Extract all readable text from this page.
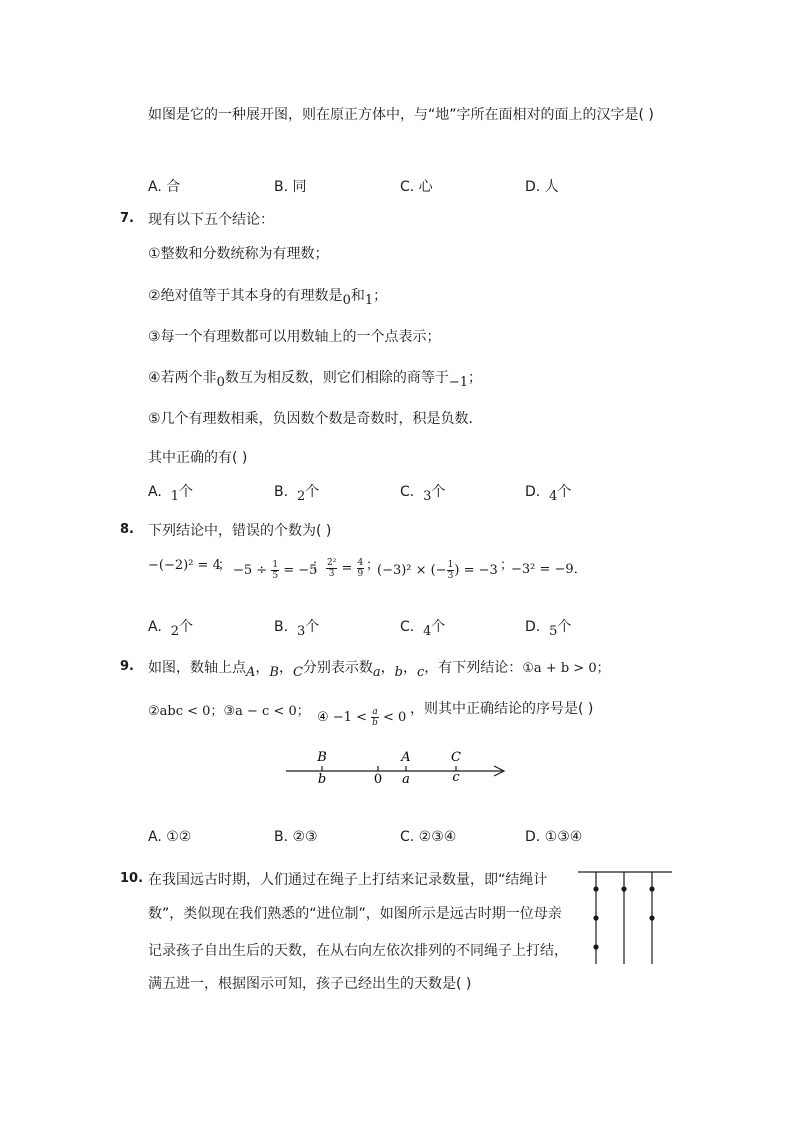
如图是它的一种展开图，则在原正方体中，与“地”字所在面相对的面上的汉字是( )
A. 合	B. 同	C. 心	D. 人
7. 现有以下五个结论：
①整数和分数统称为有理数；
②绝对值等于其本身的有理数是0和1；
③每一个有理数都可以用数轴上的一个点表示；
④若两个非0数互为相反数，则它们相除的商等于−1；
⑤几个有理数相乘，负因数个数是奇数时，积是负数．
其中正确的有( )
A. 1个	B. 2个	C. 3个	D. 4个
8. 下列结论中，错误的个数为( )
−(−2)² = 4
； $-5 \div \frac{1}{5} = -5$
； $\frac{\text{2²}}{3} = \frac{4}{9}$ ；
(−3)² × (− $\frac{1}{3}$ ) = −3 ；
−3² = −9．
A. 2个	B. 3个	C. 4个	D. 5个
9. 如图，数轴上点A，B，C分别表示数a，b，c，有下列结论：①a + b > 0；
②abc < 0；③a − c < 0； ④ $-1 < \frac{a}{b} < 0$
，则其中正确结论的序号是( )
B
b	0
A
a
C
c
A. ①②	B. ②③	C. ②③④	D. ①③④
10. 在我国远古时期，人们通过在绳子上打结来记录数量，即“结绳计
数”，类似现在我们熟悉的“进位制”，如图所示是远古时期一位母亲
记录孩子自出生后的天数，在从右向左依次排列的不同绳子上打结，
满五进一，根据图示可知，孩子已经出生的天数是( )
